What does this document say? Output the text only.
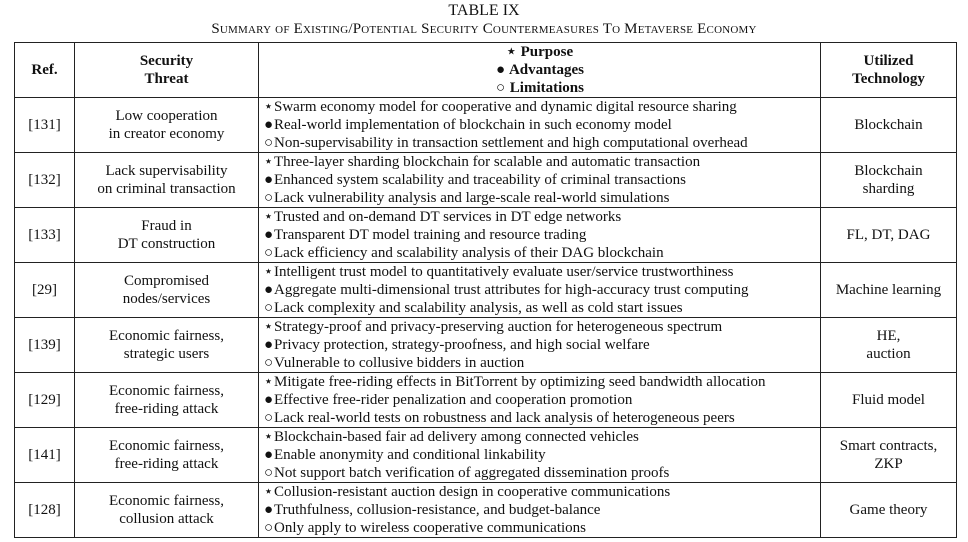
TABLE IX
Summary of Existing/Potential Security Countermeasures To Metaverse Economy
Ref.	Security
Threat	⋆ Purpose
● Advantages
○ Limitations	Utilized
Technology

[131]	Low cooperation
in creator economy	⋆Swarm economy model for cooperative and dynamic digital resource sharing
●Real-world implementation of blockchain in such economy model
○Non-supervisability in transaction settlement and high computational overhead	Blockchain

[132]	Lack supervisability
on criminal transaction	⋆Three-layer sharding blockchain for scalable and automatic transaction
●Enhanced system scalability and traceability of criminal transactions
○Lack vulnerability analysis and large-scale real-world simulations	Blockchain
sharding

[133]	Fraud in
DT construction	⋆Trusted and on-demand DT services in DT edge networks
●Transparent DT model training and resource trading
○Lack efficiency and scalability analysis of their DAG blockchain	FL, DT, DAG

[29]	Compromised
nodes/services	⋆Intelligent trust model to quantitatively evaluate user/service trustworthiness
●Aggregate multi-dimensional trust attributes for high-accuracy trust computing
○Lack complexity and scalability analysis, as well as cold start issues	Machine learning

[139]	Economic fairness,
strategic users	⋆Strategy-proof and privacy-preserving auction for heterogeneous spectrum
●Privacy protection, strategy-proofness, and high social welfare
○Vulnerable to collusive bidders in auction	HE,
auction

[129]	Economic fairness,
free-riding attack	⋆Mitigate free-riding effects in BitTorrent by optimizing seed bandwidth allocation
●Effective free-rider penalization and cooperation promotion
○Lack real-world tests on robustness and lack analysis of heterogeneous peers	Fluid model

[141]	Economic fairness,
free-riding attack	⋆Blockchain-based fair ad delivery among connected vehicles
●Enable anonymity and conditional linkability
○Not support batch verification of aggregated dissemination proofs	Smart contracts,
ZKP

[128]	Economic fairness,
collusion attack	⋆Collusion-resistant auction design in cooperative communications
●Truthfulness, collusion-resistance, and budget-balance
○Only apply to wireless cooperative communications	Game theory
